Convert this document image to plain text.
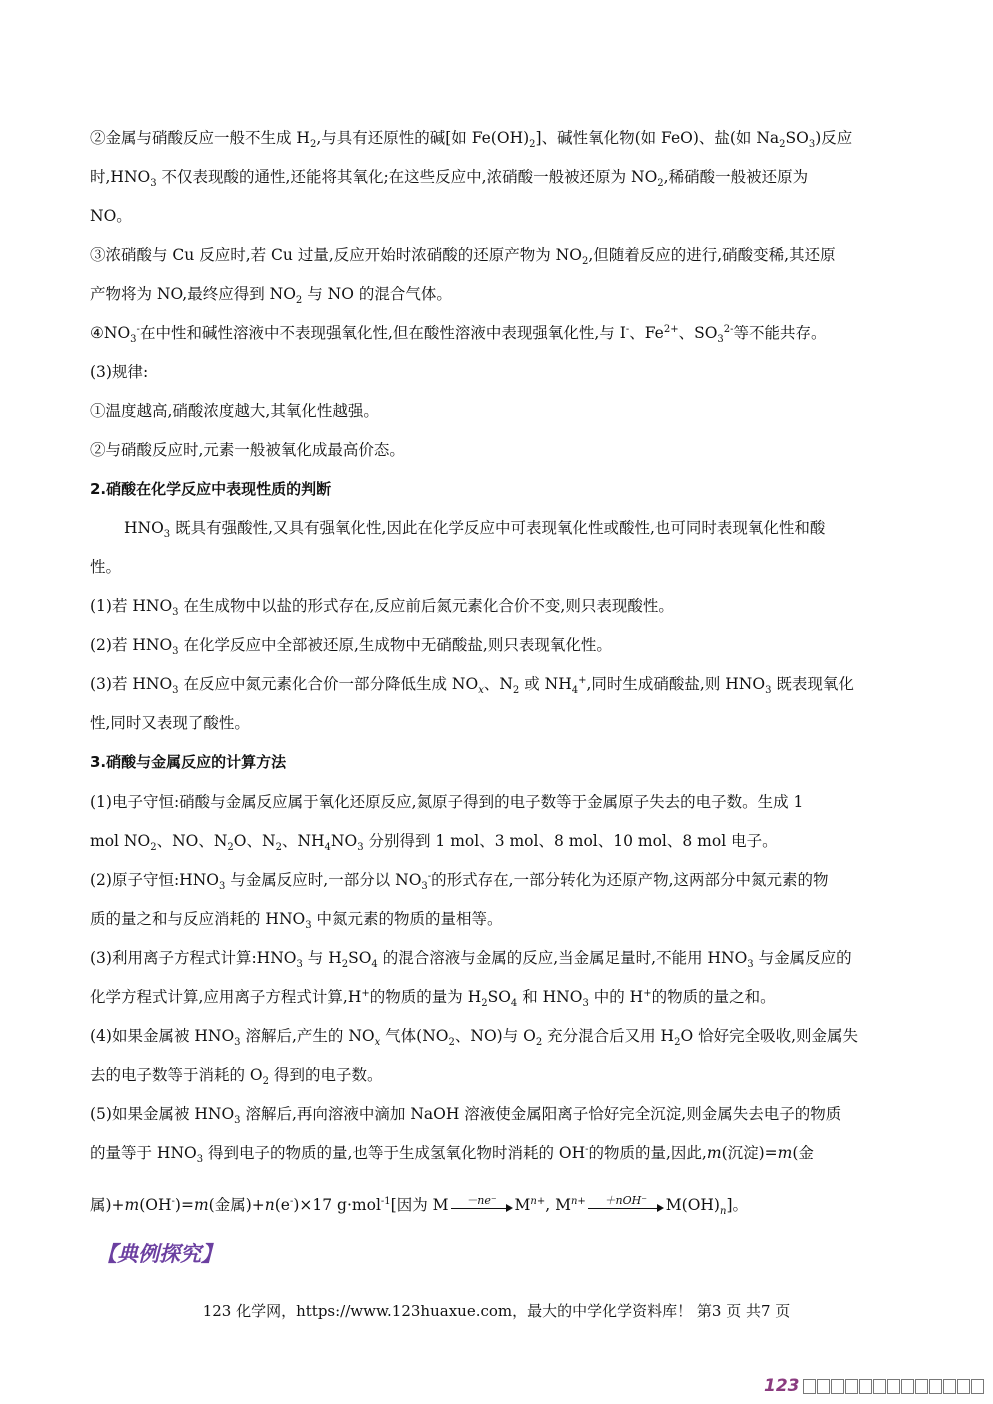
②金属与硝酸反应一般不生成 $H_2$,与具有还原性的碱[如 $Fe(OH)_2$]、碱性氧化物(如 FeO)、盐(如 $Na_2SO_3$)反应
时$,HNO_3$ 不仅表现酸的通性,还能将其氧化;在这些反应中,浓硝酸一般被还原为 $NO_2$,稀硝酸一般被还原为
NO。
③浓硝酸与 Cu 反应时,若 Cu 过量,反应开始时浓硝酸的还原产物为 $NO_2$,但随着反应的进行,硝酸变稀,其还原
产物将为 NO,最终应得到 $NO_2$ 与 NO 的混合气体。
$④NO_3^-$在中性和碱性溶液中不表现强氧化性,但在酸性溶液中表现强氧化性,与 I-、$Fe^{2+}$、$SO_3^{2-}$等不能共存。
(3)规律:
①温度越高,硝酸浓度越大,其氧化性越强。
②与硝酸反应时,元素一般被氧化成最高价态。
2.硝酸在化学反应中表现性质的判断
$HNO_3$ 既具有强酸性,又具有强氧化性,因此在化学反应中可表现氧化性或酸性,也可同时表现氧化性和酸
性。
(1)若 $HNO_3$ 在生成物中以盐的形式存在,反应前后氮元素化合价不变,则只表现酸性。
(2)若 $HNO_3$ 在化学反应中全部被还原,生成物中无硝酸盐,则只表现氧化性。
(3)若 $HNO_3$ 在反应中氮元素化合价一部分降低生成 $NO_x$、$N_2$ 或 $NH_4^+$,同时生成硝酸盐,则 $HNO_3$ 既表现氧化
性,同时又表现了酸性。
3.硝酸与金属反应的计算方法
(1)电子守恒:硝酸与金属反应属于氧化还原反应,氮原子得到的电子数等于金属原子失去的电子数。生成 1
mol $NO_2$、NO、$N_2O$、$N_2$、$NH_4NO_3$ 分别得到 1 mol、3 mol、8 mol、10 mol、8 mol 电子。
(2)原子守恒$:HNO_3$ 与金属反应时,一部分以 $NO_3^-$的形式存在,一部分转化为还原产物,这两部分中氮元素的物
质的量之和与反应消耗的 $HNO_3$ 中氮元素的物质的量相等。
(3)利用离子方程式计算$:HNO_3$ 与 $H_2SO_4$ 的混合溶液与金属的反应,当金属足量时,不能用 $HNO_3$ 与金属反应的
化学方程式计算,应用离子方程式计算,H+的物质的量为 $H_2SO_4$ 和 $HNO_3$ 中的 H+的物质的量之和。
(4)如果金属被 $HNO_3$ 溶解后,产生的 $NO_x$ 气体($NO_2$、NO)与 $O_2$ 充分混合后又用 $H_2O$ 恰好完全吸收,则金属失
去的电子数等于消耗的 $O_2$ 得到的电子数。
(5)如果金属被 $HNO_3$ 溶解后,再向溶液中滴加 NaOH 溶液使金属阳离子恰好完全沉淀,则金属失去电子的物质
的量等于 $HNO_3$ 得到电子的物质的量,也等于生成氢氧化物时消耗的 OH-的物质的量,因此,m(沉淀)=m(金
属)+m(OH-)=m(金属)+n(e-)×17 g·mol$^{-1}$[因为 M	－ne⁻	$M^{n+}$, $M^{n+}$	＋nOH⁻	$M(OH)_n$]。
【典例探究】
123 化学网，https://www.123huaxue.com，最大的中学化学资料库！ 第3 页 共7 页
123
